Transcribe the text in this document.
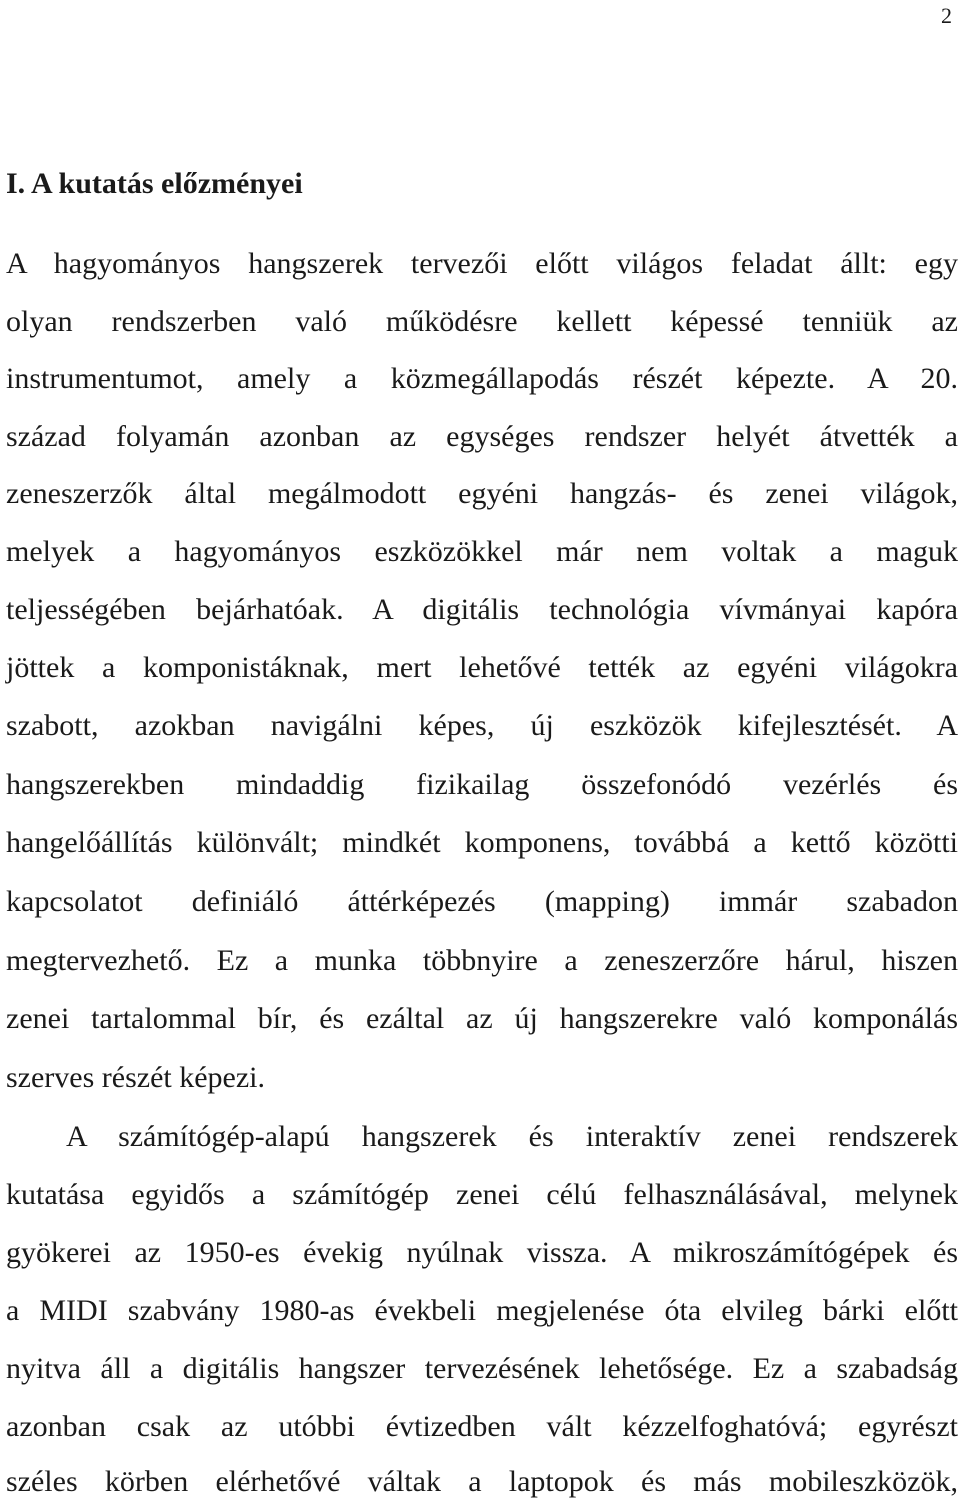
2
I. A kutatás előzményei
A hagyományos hangszerek tervezői előtt világos feladat állt: egy
olyan rendszerben való működésre kellett képessé tenniük az
instrumentumot, amely a közmegállapodás részét képezte. A 20.
század folyamán azonban az egységes rendszer helyét átvették a
zeneszerzők által megálmodott egyéni hangzás- és zenei világok,
melyek a hagyományos eszközökkel már nem voltak a maguk
teljességében bejárhatóak. A digitális technológia vívmányai kapóra
jöttek a komponistáknak, mert lehetővé tették az egyéni világokra
szabott, azokban navigálni képes, új eszközök kifejlesztését. A
hangszerekben mindaddig fizikailag összefonódó vezérlés és
hangelőállítás különvált; mindkét komponens, továbbá a kettő közötti
kapcsolatot definiáló áttérképezés (mapping) immár szabadon
megtervezhető. Ez a munka többnyire a zeneszerzőre hárul, hiszen
zenei tartalommal bír, és ezáltal az új hangszerekre való komponálás
szerves részét képezi.
A számítógép-alapú hangszerek és interaktív zenei rendszerek
kutatása egyidős a számítógép zenei célú felhasználásával, melynek
gyökerei az 1950-es évekig nyúlnak vissza. A mikroszámítógépek és
a MIDI szabvány 1980-as évekbeli megjelenése óta elvileg bárki előtt
nyitva áll a digitális hangszer tervezésének lehetősége. Ez a szabadság
azonban csak az utóbbi évtizedben vált kézzelfoghatóvá; egyrészt
széles körben elérhetővé váltak a laptopok és más mobileszközök,
